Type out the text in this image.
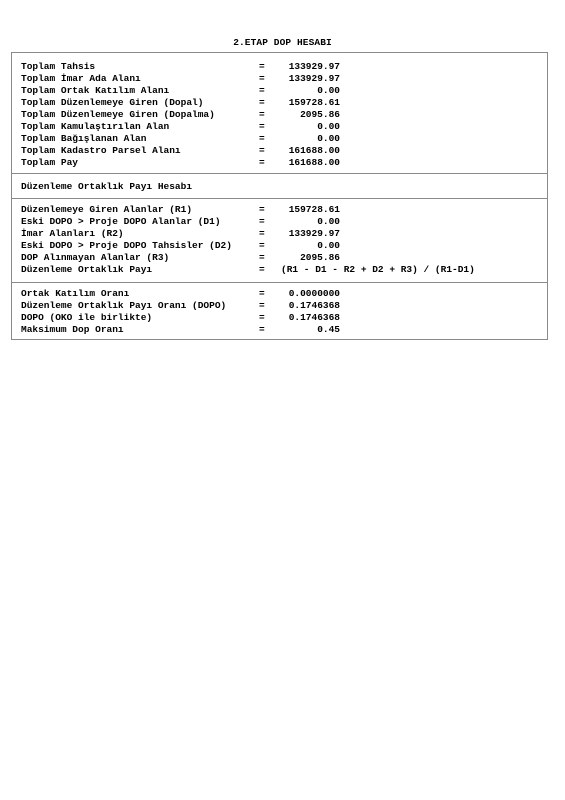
2.ETAP DOP HESABI
Toplam Tahsis	=	133929.97
Toplam İmar Ada Alanı	=	133929.97
Toplam Ortak Katılım Alanı	=	0.00
Toplam Düzenlemeye Giren (Dopal)	=	159728.61
Toplam Düzenlemeye Giren (Dopalma)	=	2095.86
Toplam Kamulaştırılan Alan	=	0.00
Toplam Bağışlanan Alan	=	0.00
Toplam Kadastro Parsel Alanı	=	161688.00
Toplam Pay	=	161688.00
Düzenleme Ortaklık Payı Hesabı
Düzenlemeye Giren Alanlar (R1)	=	159728.61
Eski DOPO > Proje DOPO Alanlar (D1)	=	0.00
İmar Alanları (R2)	=	133929.97
Eski DOPO > Proje DOPO Tahsisler (D2)	=	0.00
DOP Alınmayan Alanlar (R3)	=	2095.86
Düzenleme Ortaklık Payı	= (R1 - D1 - R2 + D2 + R3) / (R1-D1)
Ortak Katılım Oranı	=	0.0000000
Düzenleme Ortaklık Payı Oranı (DOPO)	=	0.1746368
DOPO (OKO ile birlikte)	=	0.1746368
Maksimum Dop Oranı	=	0.45
